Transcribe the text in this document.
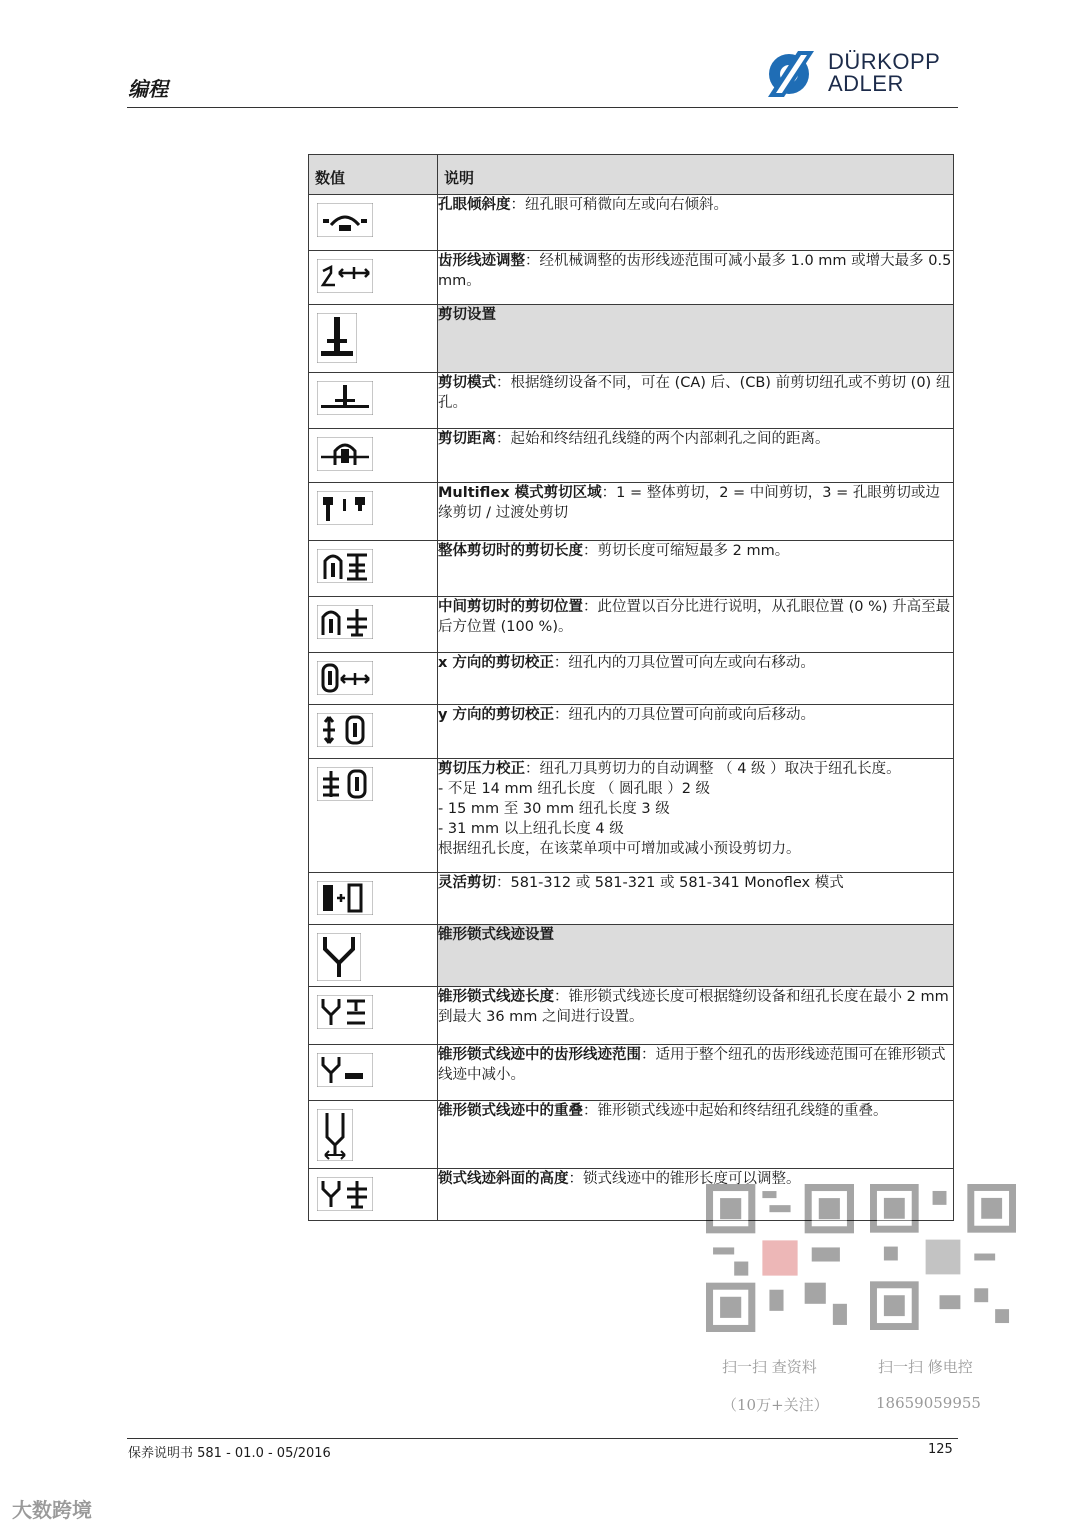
编程
DÜRKOPP
ADLER
数值	说明

	孔眼倾斜度：纽孔眼可稍微向左或向右倾斜。

	齿形线迹调整：经机械调整的齿形线迹范围可减小最多 1.0 mm 或增大最多 0.5 mm。

	剪切设置

	剪切模式：根据缝纫设备不同，可在 (CA) 后、(CB) 前剪切纽孔或不剪切 (0) 纽孔。

	剪切距离：起始和终结纽孔线缝的两个内部刺孔之间的距离。

	Multiflex 模式剪切区域：1 = 整体剪切，2 = 中间剪切，3 = 孔眼剪切或边缘剪切 / 过渡处剪切

	整体剪切时的剪切长度：剪切长度可缩短最多 2 mm。

	中间剪切时的剪切位置：此位置以百分比进行说明，从孔眼位置 (0 %) 升高至最后方位置 (100 %)。

	x 方向的剪切校正：纽孔内的刀具位置可向左或向右移动。

	y 方向的剪切校正：纽孔内的刀具位置可向前或向后移动。

	剪切压力校正：纽孔刀具剪切力的自动调整 （ 4 级 ）取决于纽孔长度。
- 不足 14 mm 纽孔长度 （ 圆孔眼 ）2 级
- 15 mm 至 30 mm 纽孔长度 3 级
- 31 mm 以上纽孔长度 4 级
根据纽孔长度，在该菜单项中可增加或减小预设剪切力。

	灵活剪切：581-312 或 581-321 或 581-341 Monoflex 模式

	锥形锁式线迹设置

	锥形锁式线迹长度：锥形锁式线迹长度可根据缝纫设备和纽孔长度在最小 2 mm 到最大 36 mm 之间进行设置。

	锥形锁式线迹中的齿形线迹范围：适用于整个纽孔的齿形线迹范围可在锥形锁式线迹中减小。

	锥形锁式线迹中的重叠：锥形锁式线迹中起始和终结纽孔线缝的重叠。

	锁式线迹斜面的高度：锁式线迹中的锥形长度可以调整。
扫一扫 查资料
（10万+关注）
扫一扫 修电控
18659059955
保养说明书 581 - 01.0 - 05/2016	125
大数跨境
